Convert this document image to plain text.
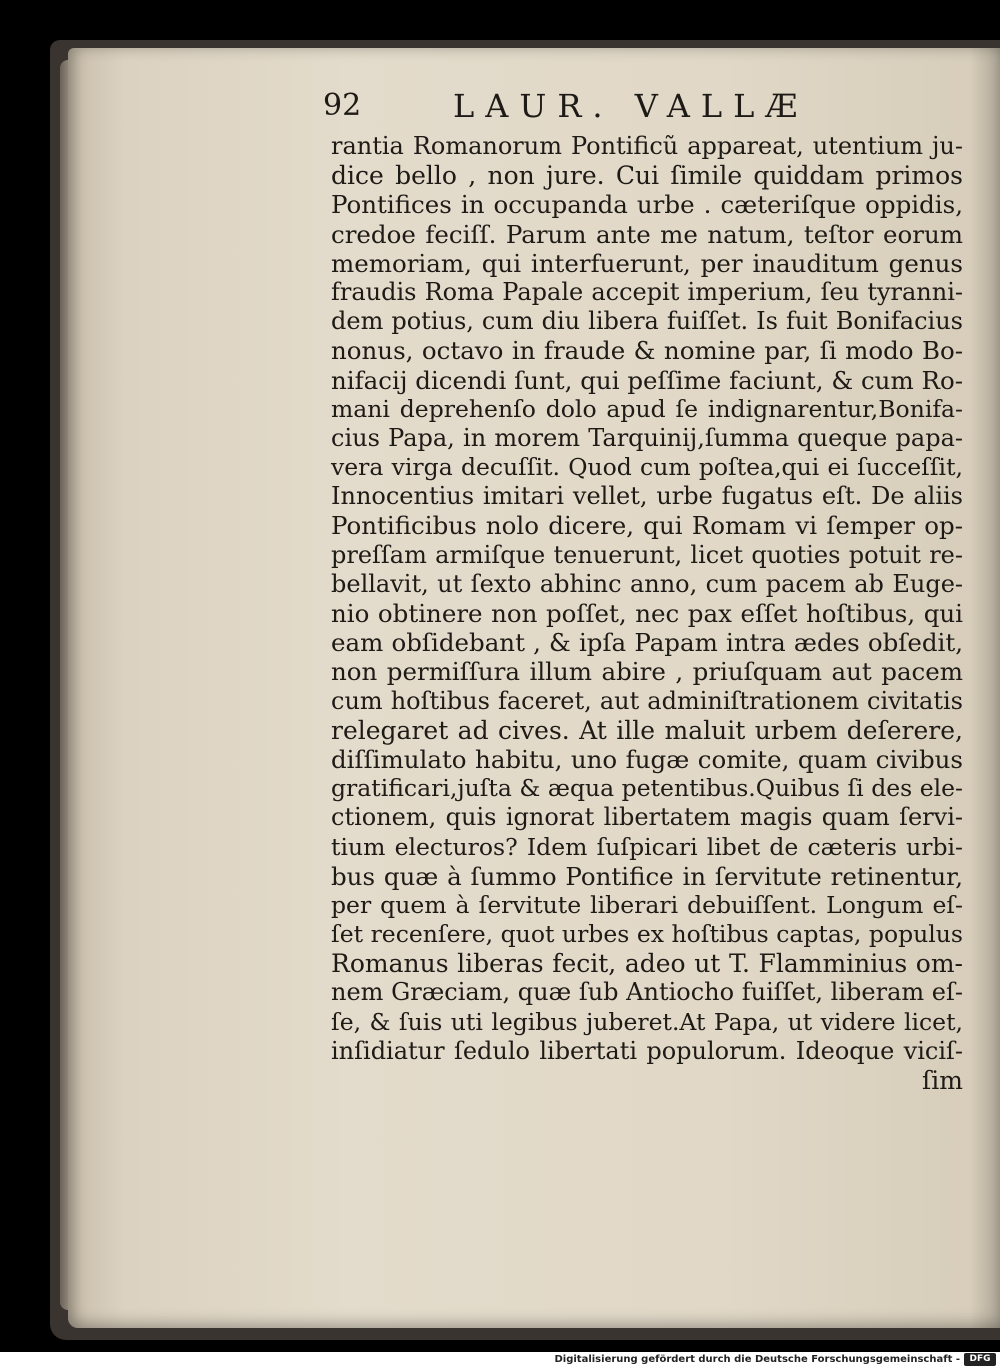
92	LAUR. VALLÆ
rantia Romanorum Pontificũ appareat, utentium ju-
dice bello , non jure. Cui ſimile quiddam primos
Pontifices in occupanda urbe . cæteriſque oppidis,
credoe feciſſ. Parum ante me natum, teſtor eorum
memoriam, qui interfuerunt, per inauditum genus
fraudis Roma Papale accepit imperium, ſeu tyranni-
dem potius, cum diu libera fuiſſet. Is fuit Bonifacius
nonus, octavo in fraude & nomine par, ſi modo Bo-
nifacij dicendi ſunt, qui peſſime faciunt, & cum Ro-
mani deprehenſo dolo apud ſe indignarentur,Bonifa-
cius Papa, in morem Tarquinij,ſumma queque papa-
vera virga decuſſit. Quod cum poſtea,qui ei ſucceſſit,
Innocentius imitari vellet, urbe fugatus eſt. De aliis
Pontificibus nolo dicere, qui Romam vi ſemper op-
preſſam armiſque tenuerunt, licet quoties potuit re-
bellavit, ut ſexto abhinc anno, cum pacem ab Euge-
nio obtinere non poſſet, nec pax eſſet hoſtibus, qui
eam obſidebant , & ipſa Papam intra ædes obſedit,
non permiſſura illum abire , priuſquam aut pacem
cum hoſtibus faceret, aut adminiſtrationem civitatis
relegaret ad cives. At ille maluit urbem deſerere,
diſſimulato habitu, uno fugæ comite, quam civibus
gratificari,juſta & æqua petentibus.Quibus ſi des ele-
ctionem, quis ignorat libertatem magis quam ſervi-
tium electuros? Idem ſuſpicari libet de cæteris urbi-
bus quæ à ſummo Pontifice in ſervitute retinentur,
per quem à ſervitute liberari debuiſſent. Longum eſ-
ſet recenſere, quot urbes ex hoſtibus captas, populus
Romanus liberas fecit, adeo ut T. Flamminius om-
nem Græciam, quæ ſub Antiocho fuiſſet, liberam eſ-
ſe, & ſuis uti legibus juberet.At Papa, ut videre licet,
inſidiatur ſedulo libertati populorum. Ideoque viciſ-
ſim
Digitalisierung gefördert durch die Deutsche Forschungsgemeinschaft -	DFG
